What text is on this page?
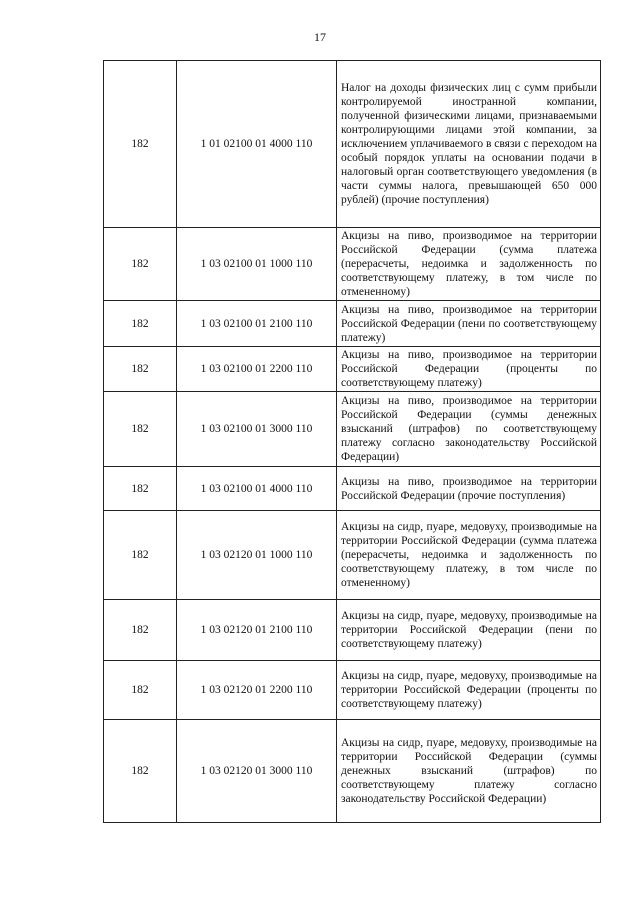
17
182	1 01 02100 01 4000 110	Налог на доходы физических лиц с сумм прибыли контролируемой иностранной компании, полученной физическими лицами, признаваемыми контролирующими лицами этой компании, за исключением уплачиваемого в связи с переходом на особый порядок уплаты на основании подачи в налоговый орган соответствующего уведомления (в части суммы налога, превышающей 650 000 рублей) (прочие поступления)
182	1 03 02100 01 1000 110	Акцизы на пиво, производимое на территории Российской Федерации (сумма платежа (перерасчеты, недоимка и задолженность по соответствующему платежу, в том числе по отмененному)
182	1 03 02100 01 2100 110	Акцизы на пиво, производимое на территории Российской Федерации (пени по соответствующему платежу)
182	1 03 02100 01 2200 110	Акцизы на пиво, производимое на территории Российской Федерации (проценты по соответствующему платежу)
182	1 03 02100 01 3000 110	Акцизы на пиво, производимое на территории Российской Федерации (суммы денежных взысканий (штрафов) по соответствующему платежу согласно законодательству Российской Федерации)
182	1 03 02100 01 4000 110	Акцизы на пиво, производимое на территории Российской Федерации (прочие поступления)
182	1 03 02120 01 1000 110	Акцизы на сидр, пуаре, медовуху, производимые на территории Российской Федерации (сумма платежа (перерасчеты, недоимка и задолженность по соответствующему платежу, в том числе по отмененному)
182	1 03 02120 01 2100 110	Акцизы на сидр, пуаре, медовуху, производимые на территории Российской Федерации (пени по соответствующему платежу)
182	1 03 02120 01 2200 110	Акцизы на сидр, пуаре, медовуху, производимые на территории Российской Федерации (проценты по соответствующему платежу)
182	1 03 02120 01 3000 110	Акцизы на сидр, пуаре, медовуху, производимые на территории Российской Федерации (суммы денежных взысканий (штрафов) по соответствующему платежу согласно законодательству Российской Федерации)
